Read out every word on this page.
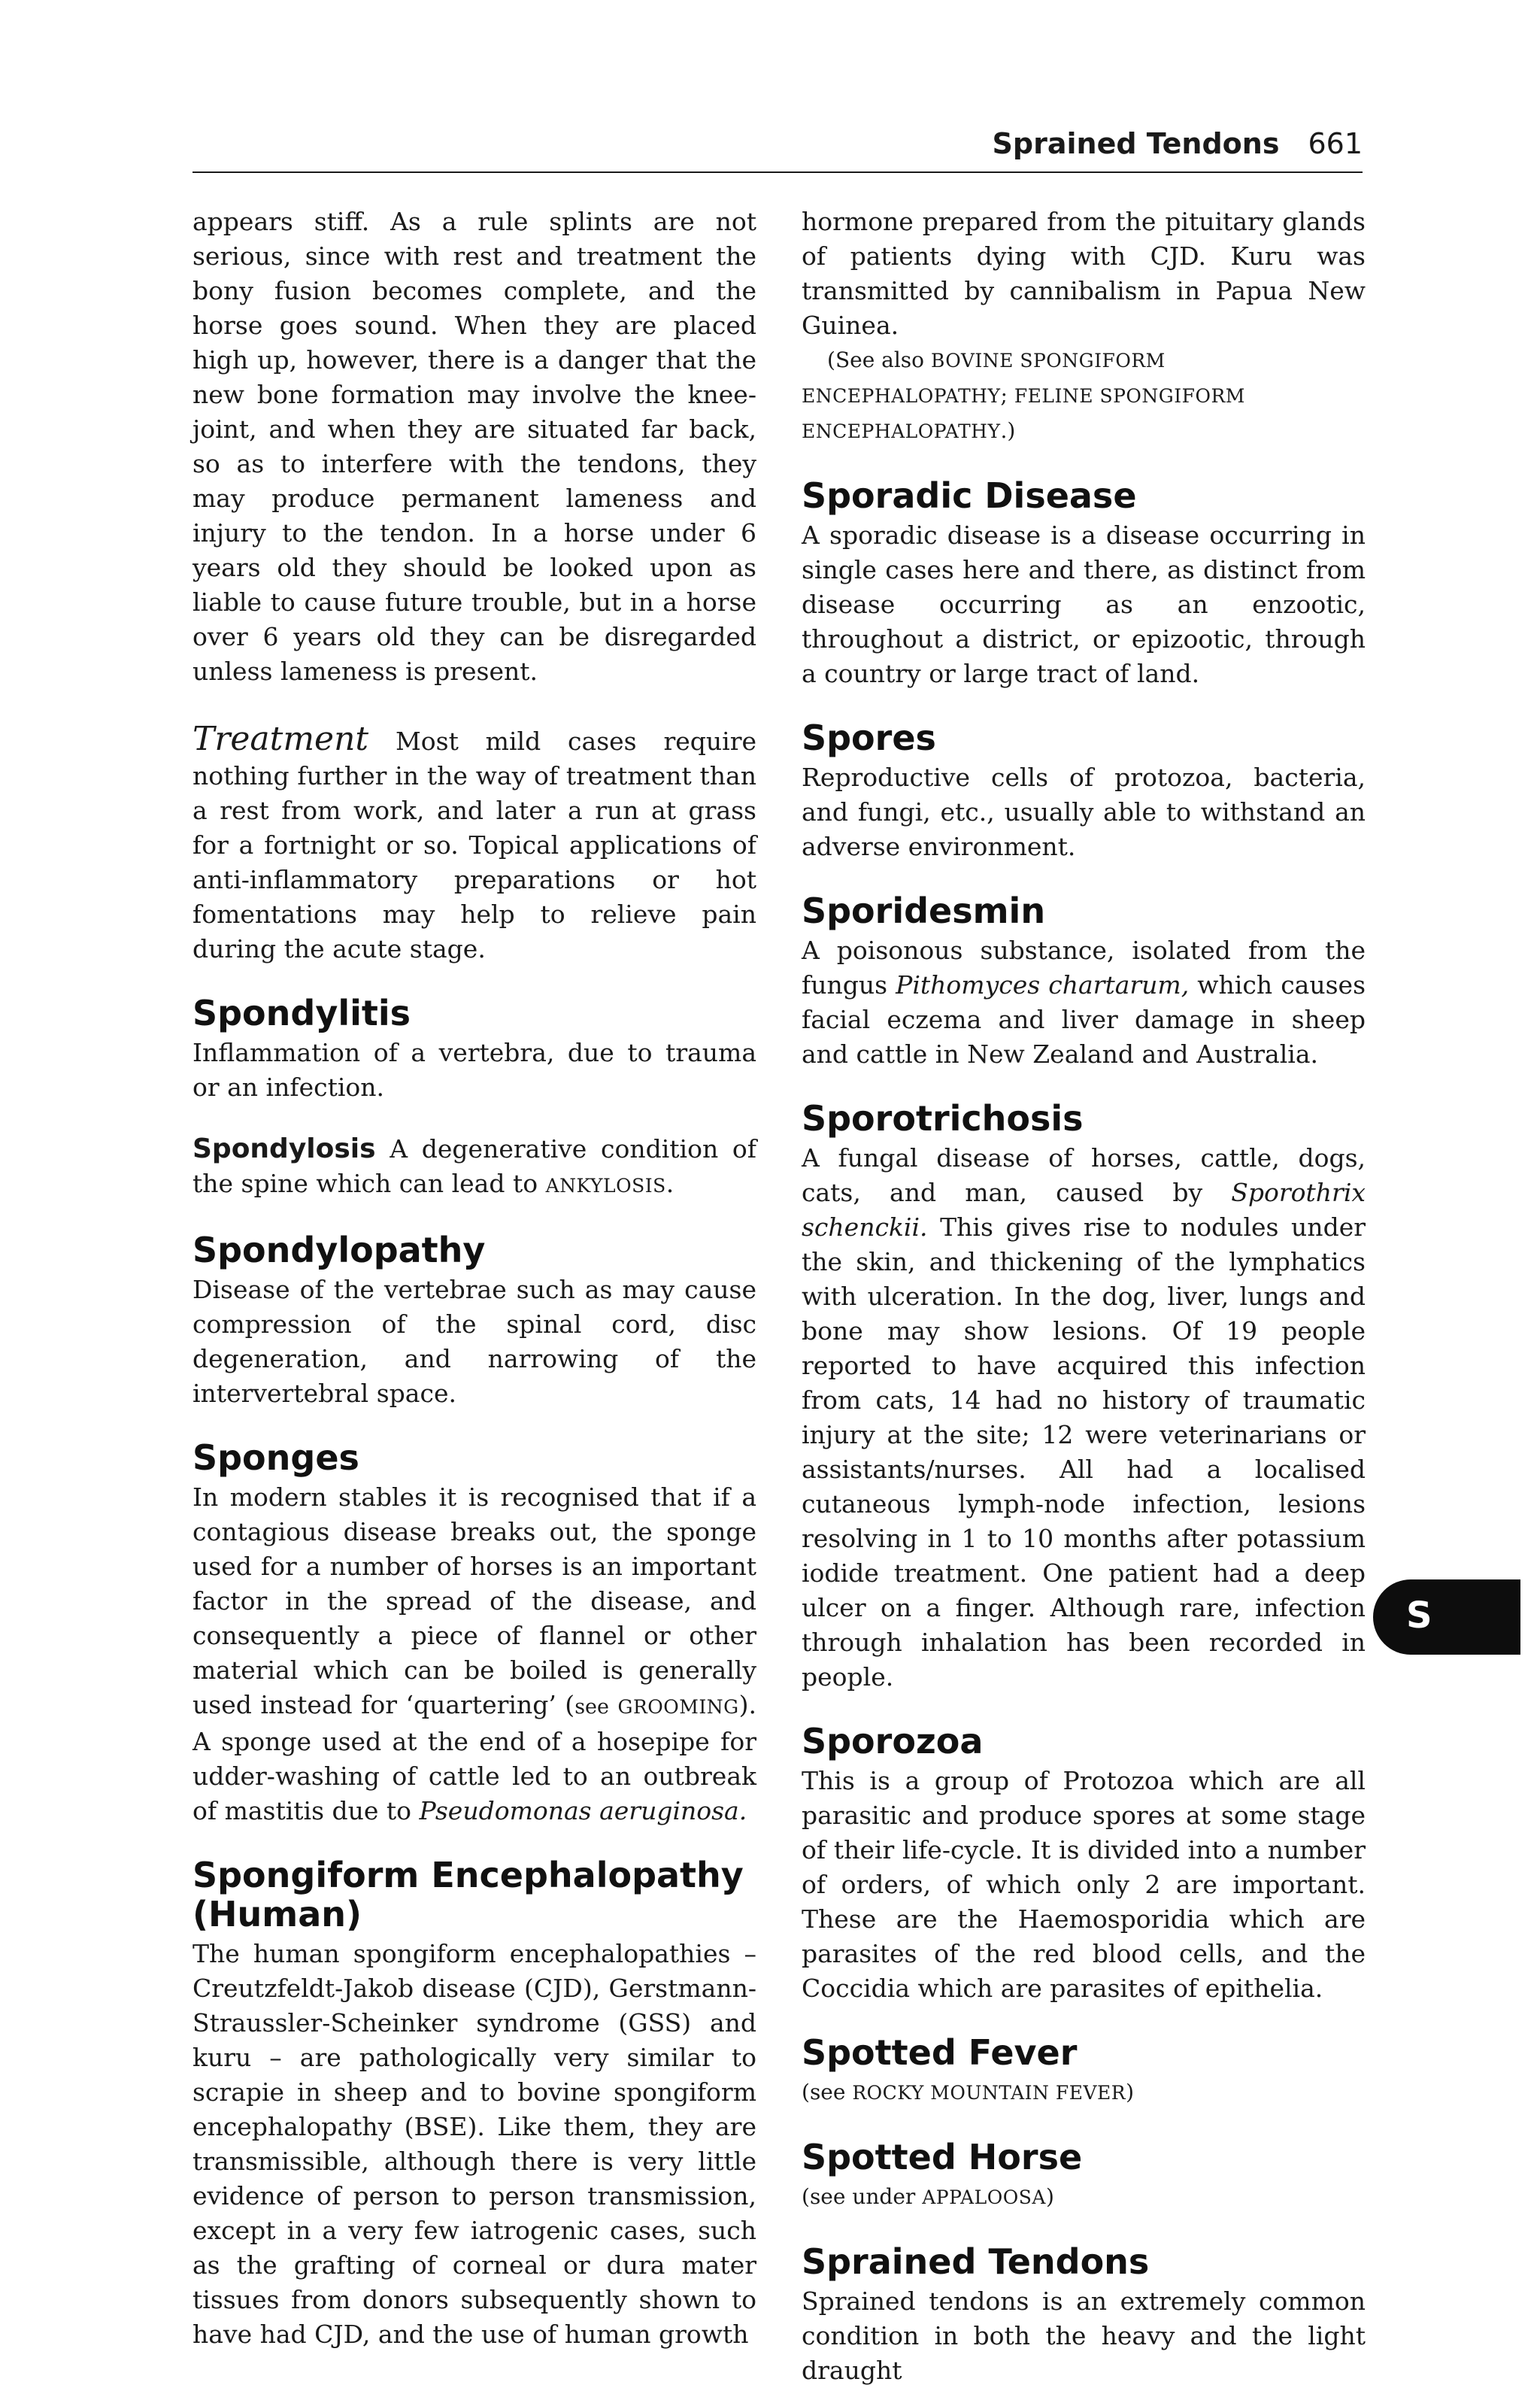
Sprained Tendons 661

appears stiff. As a rule splints are not serious, since with rest and treatment the bony fusion becomes complete, and the horse goes sound. When they are placed high up, however, there is a danger that the new bone formation may involve the knee-joint, and when they are situated far back, so as to interfere with the tendons, they may produce permanent lameness and injury to the tendon. In a horse under 6 years old they should be looked upon as liable to cause future trouble, but in a horse over 6 years old they can be disregarded unless lameness is present.

Treatment Most mild cases require nothing further in the way of treatment than a rest from work, and later a run at grass for a fortnight or so. Topical applications of anti-inflammatory preparations or hot fomentations may help to relieve pain during the acute stage.

Spondylitis

Inflammation of a vertebra, due to trauma or an infection.

Spondylosis A degenerative condition of the spine which can lead to ANKYLOSIS.

Spondylopathy

Disease of the vertebrae such as may cause compression of the spinal cord, disc degeneration, and narrowing of the intervertebral space.

Sponges

In modern stables it is recognised that if a contagious disease breaks out, the sponge used for a number of horses is an important factor in the spread of the disease, and consequently a piece of flannel or other material which can be boiled is generally used instead for ‘quartering’ (see GROOMING). A sponge used at the end of a hosepipe for udder-washing of cattle led to an outbreak of mastitis due to Pseudomonas aeruginosa.

Spongiform Encephalopathy
(Human)

The human spongiform encephalopathies – Creutzfeldt-Jakob disease (CJD), Gerstmann-Straussler-Scheinker syndrome (GSS) and kuru – are pathologically very similar to scrapie in sheep and to bovine spongiform encephalopathy (BSE). Like them, they are transmissible, although there is very little evidence of person to person transmission, except in a very few iatrogenic cases, such as the grafting of corneal or dura mater tissues from donors subsequently shown to have had CJD, and the use of human growth

hormone prepared from the pituitary glands of patients dying with CJD. Kuru was transmitted by cannibalism in Papua New Guinea.

(See also BOVINE SPONGIFORM ENCEPHALOPATHY; FELINE SPONGIFORM ENCEPHALOPATHY.)

Sporadic Disease

A sporadic disease is a disease occurring in single cases here and there, as distinct from disease occurring as an enzootic, throughout a district, or epizootic, through a country or large tract of land.

Spores

Reproductive cells of protozoa, bacteria, and fungi, etc., usually able to withstand an adverse environment.

Sporidesmin

A poisonous substance, isolated from the fungus Pithomyces chartarum, which causes facial eczema and liver damage in sheep and cattle in New Zealand and Australia.

Sporotrichosis

A fungal disease of horses, cattle, dogs, cats, and man, caused by Sporothrix schenckii. This gives rise to nodules under the skin, and thickening of the lymphatics with ulceration. In the dog, liver, lungs and bone may show lesions. Of 19 people reported to have acquired this infection from cats, 14 had no history of traumatic injury at the site; 12 were veterinarians or assistants/nurses. All had a localised cutaneous lymph-node infection, lesions resolving in 1 to 10 months after potassium iodide treatment. One patient had a deep ulcer on a finger. Although rare, infection through inhalation has been recorded in people.

Sporozoa

This is a group of Protozoa which are all parasitic and produce spores at some stage of their life-cycle. It is divided into a number of orders, of which only 2 are important. These are the Haemosporidia which are parasites of the red blood cells, and the Coccidia which are parasites of epithelia.

Spotted Fever

(see ROCKY MOUNTAIN FEVER)

Spotted Horse

(see under APPALOOSA)

Sprained Tendons

Sprained tendons is an extremely common condition in both the heavy and the light draught

S
